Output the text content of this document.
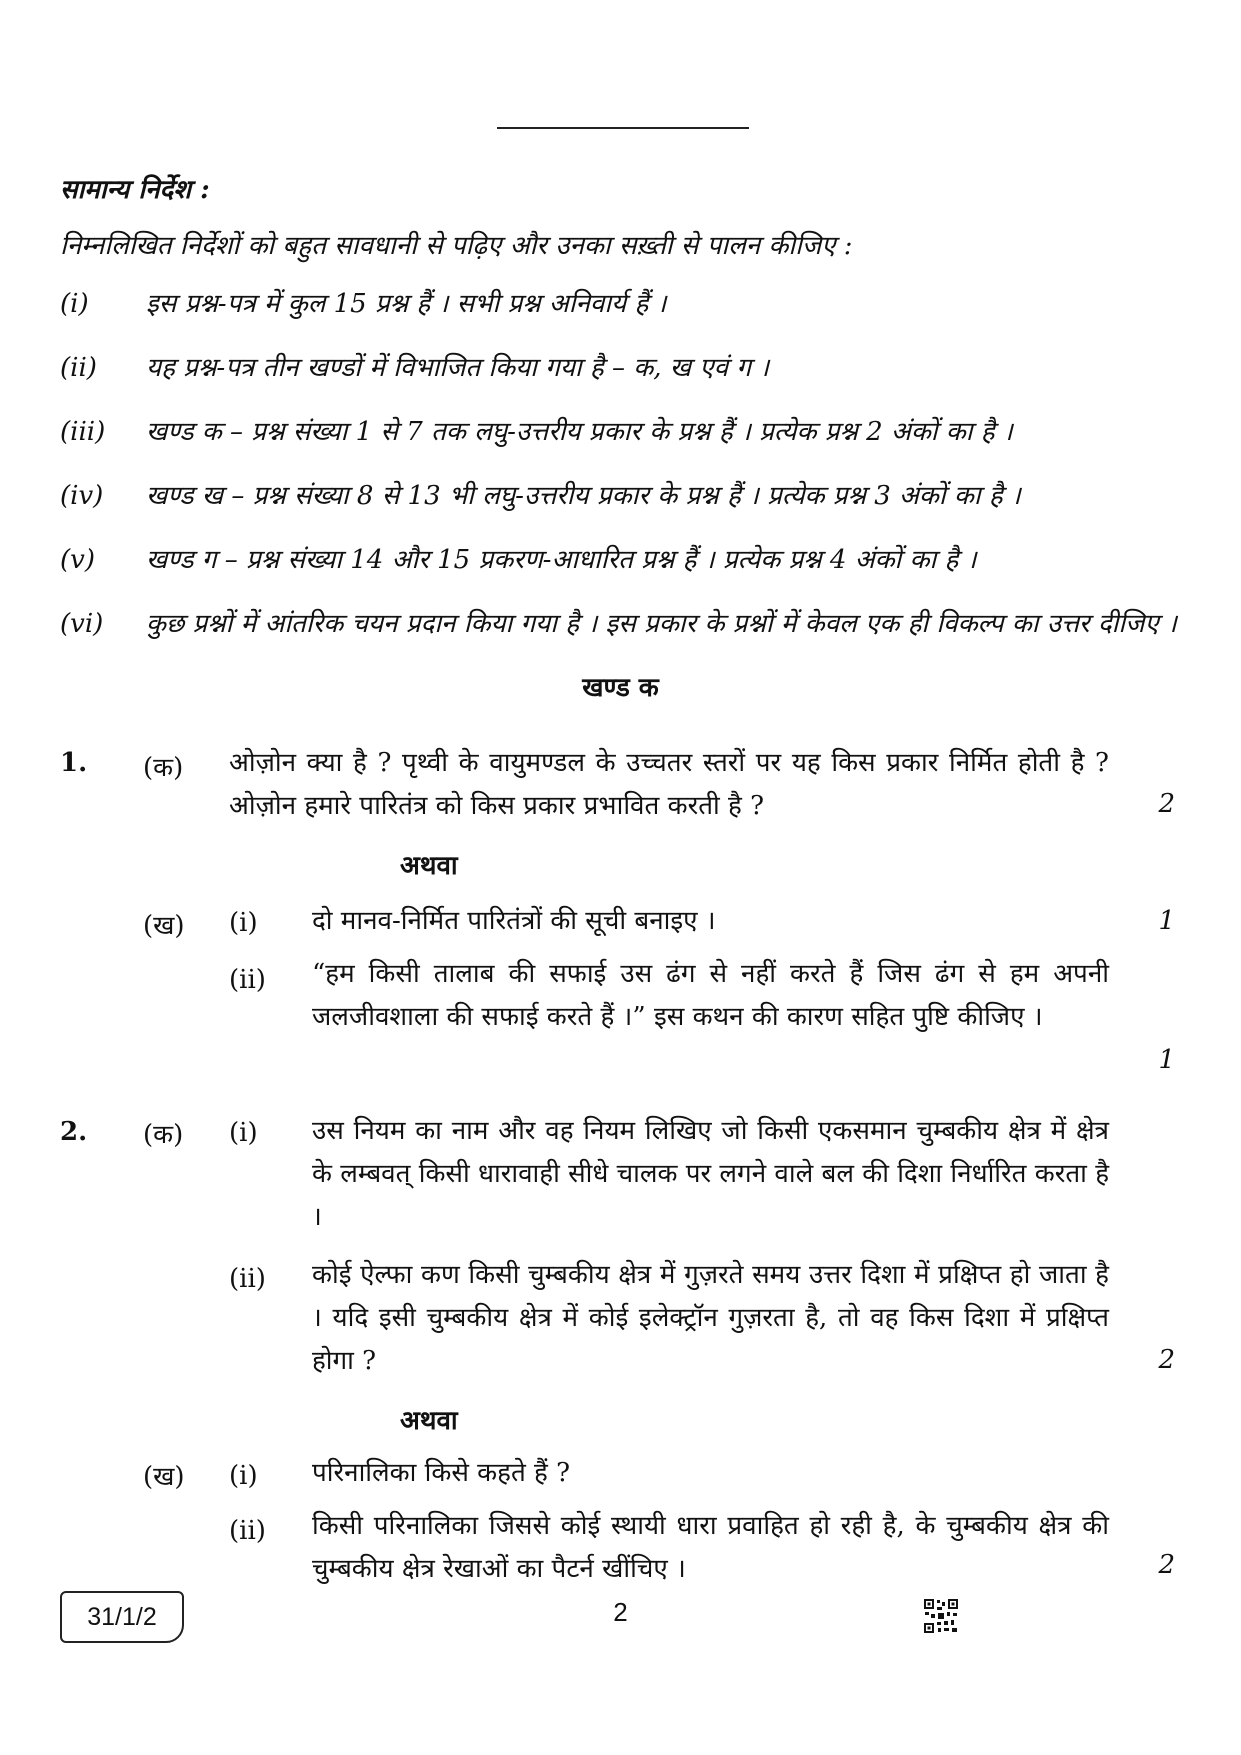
सामान्य निर्देश :
निम्नलिखित निर्देशों को बहुत सावधानी से पढ़िए और उनका सख़्ती से पालन कीजिए :
(i)	इस प्रश्न-पत्र में कुल 15 प्रश्न हैं । सभी प्रश्न अनिवार्य हैं ।
(ii)	यह प्रश्न-पत्र तीन खण्डों में विभाजित किया गया है – क, ख एवं ग ।
(iii)	खण्ड क – प्रश्न संख्या 1 से 7 तक लघु-उत्तरीय प्रकार के प्रश्न हैं । प्रत्येक प्रश्न 2 अंकों का है ।
(iv)	खण्ड ख – प्रश्न संख्या 8 से 13 भी लघु-उत्तरीय प्रकार के प्रश्न हैं । प्रत्येक प्रश्न 3 अंकों का है ।
(v)	खण्ड ग – प्रश्न संख्या 14 और 15 प्रकरण-आधारित प्रश्न हैं । प्रत्येक प्रश्न 4 अंकों का है ।
(vi)	कुछ प्रश्नों में आंतरिक चयन प्रदान किया गया है । इस प्रकार के प्रश्नों में केवल एक ही विकल्प का उत्तर दीजिए ।
खण्ड क
1. (क) ओज़ोन क्या है ? पृथ्वी के वायुमण्डल के उच्चतर स्तरों पर यह किस प्रकार निर्मित होती है ? ओज़ोन हमारे पारितंत्र को किस प्रकार प्रभावित करती है ?	2
अथवा
(ख) (i) दो मानव-निर्मित पारितंत्रों की सूची बनाइए ।	1
(ii) “हम किसी तालाब की सफाई उस ढंग से नहीं करते हैं जिस ढंग से हम अपनी जलजीवशाला की सफाई करते हैं ।” इस कथन की कारण सहित पुष्टि कीजिए ।
1
2. (क) (i) उस नियम का नाम और वह नियम लिखिए जो किसी एकसमान चुम्बकीय क्षेत्र में क्षेत्र के लम्बवत् किसी धारावाही सीधे चालक पर लगने वाले बल की दिशा निर्धारित करता है ।
(ii) कोई ऐल्फा कण किसी चुम्बकीय क्षेत्र में गुज़रते समय उत्तर दिशा में प्रक्षिप्त हो जाता है । यदि इसी चुम्बकीय क्षेत्र में कोई इलेक्ट्रॉन गुज़रता है, तो वह किस दिशा में प्रक्षिप्त होगा ?	2
अथवा
(ख) (i) परिनालिका किसे कहते हैं ?
(ii) किसी परिनालिका जिससे कोई स्थायी धारा प्रवाहित हो रही है, के चुम्बकीय क्षेत्र की चुम्बकीय क्षेत्र रेखाओं का पैटर्न खींचिए ।	2
31/1/2	2
